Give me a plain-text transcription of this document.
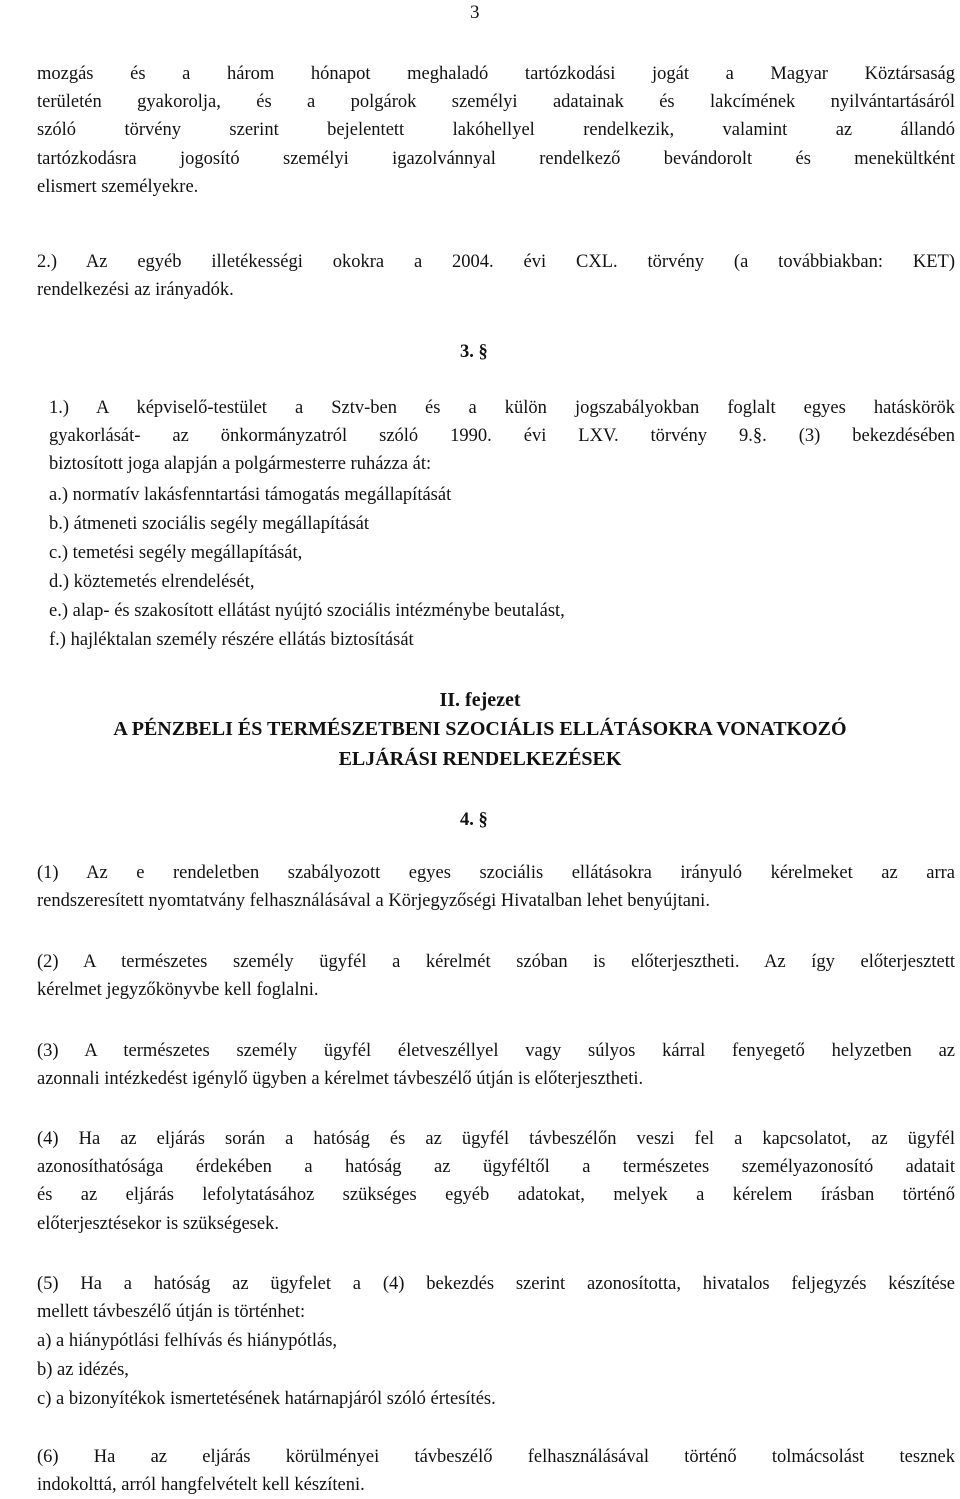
3

mozgás és a három hónapot meghaladó tartózkodási jogát a Magyar Köztársaság

területén gyakorolja, és a polgárok személyi adatainak és lakcímének nyilvántartásáról

szóló törvény szerint bejelentett lakóhellyel rendelkezik, valamint az állandó

tartózkodásra jogosító személyi igazolvánnyal rendelkező bevándorolt és menekültként

elismert személyekre.

2.) Az egyéb illetékességi okokra a 2004. évi CXL. törvény (a továbbiakban: KET)

rendelkezési az irányadók.

3. §

1.) A képviselő-testület a Sztv-ben és a külön jogszabályokban foglalt egyes hatáskörök

gyakorlását- az önkormányzatról szóló 1990. évi LXV. törvény 9.§. (3) bekezdésében

biztosított joga alapján a polgármesterre ruházza át:

a.) normatív lakásfenntartási támogatás megállapítását
b.) átmeneti szociális segély megállapítását
c.) temetési segély megállapítását,
d.) köztemetés elrendelését,
e.) alap- és szakosított ellátást nyújtó szociális intézménybe beutalást,
f.) hajléktalan személy részére ellátás biztosítását
II. fejezet
A PÉNZBELI ÉS TERMÉSZETBENI SZOCIÁLIS ELLÁTÁSOKRA VONATKOZÓ
ELJÁRÁSI RENDELKEZÉSEK
4. §

(1) Az e rendeletben szabályozott egyes szociális ellátásokra irányuló kérelmeket az arra

rendszeresített nyomtatvány felhasználásával a Körjegyzőségi Hivatalban lehet benyújtani.

(2) A természetes személy ügyfél a kérelmét szóban is előterjesztheti. Az így előterjesztett

kérelmet jegyzőkönyvbe kell foglalni.

(3) A természetes személy ügyfél életveszéllyel vagy súlyos kárral fenyegető helyzetben az

azonnali intézkedést igénylő ügyben a kérelmet távbeszélő útján is előterjesztheti.

(4) Ha az eljárás során a hatóság és az ügyfél távbeszélőn veszi fel a kapcsolatot, az ügyfél

azonosíthatósága érdekében a hatóság az ügyféltől a természetes személyazonosító adatait

és az eljárás lefolytatásához szükséges egyéb adatokat, melyek a kérelem írásban történő

előterjesztésekor is szükségesek.

(5) Ha a hatóság az ügyfelet a (4) bekezdés szerint azonosította, hivatalos feljegyzés készítése

mellett távbeszélő útján is történhet:

a) a hiánypótlási felhívás és hiánypótlás,
b) az idézés,
c) a bizonyítékok ismertetésének határnapjáról szóló értesítés.

(6) Ha az eljárás körülményei távbeszélő felhasználásával történő tolmácsolást tesznek

indokolttá, arról hangfelvételt kell készíteni.
